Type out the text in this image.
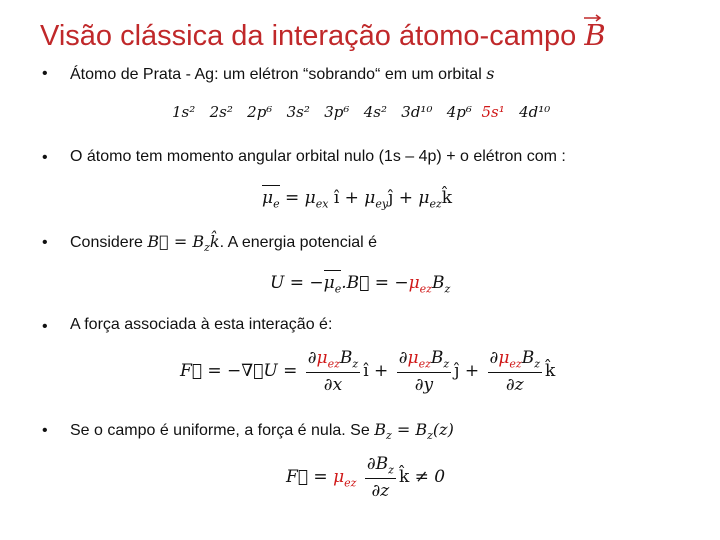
Visão clássica da interação átomo-campo B
• Átomo de Prata - Ag: um elétron “sobrando“ em um orbital s
1s² 2s² 2p⁶ 3s² 3p⁶ 4s² 3d¹⁰ 4p⁶ 5s¹ 4d¹⁰
• O átomo tem momento angular orbital nulo (1s – 4p) + o elétron com :
$\mu_e = \mu_{ex}$ î + $\mu_{ey}ĵ$ + $\mu_{ez}k̂$
• Considere B⃗ = $B_zk̂$. A energia potencial é
$U = -\mu_e.B⃗ = -\mu_{ez}B_z$
• A força associada à esta interação é:
F⃗ = −∇⃗U = $\frac{\partial\mu_{ez}B_z}{\partial x}$ î + $\frac{\partial\mu_{ez}B_z}{\partial y}$ ĵ + $\frac{\partial\mu_{ez}B_z}{\partial z}$ k̂
• Se o campo é uniforme, a força é nula. Se $B_z = B_z(z)$
F⃗ = $\mu_{ez} \frac{\partial B_z}{\partial z}$ k̂ ≠ 0
